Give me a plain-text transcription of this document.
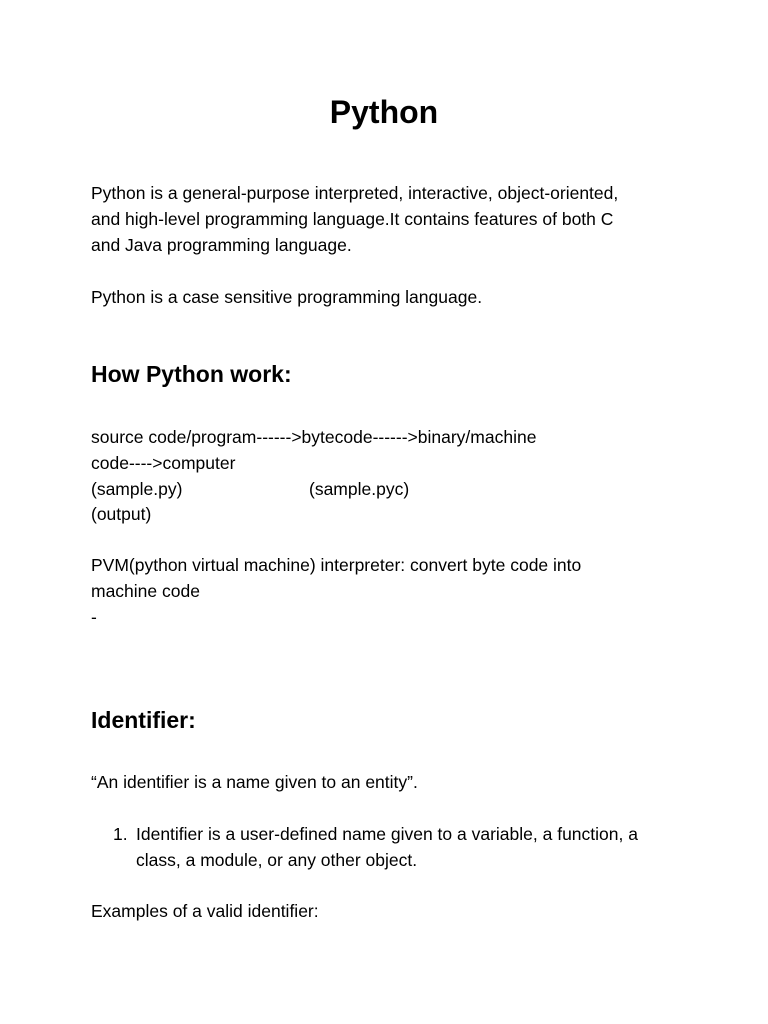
Python

Python is a general-purpose interpreted, interactive, object-oriented,

and high-level programming language.It contains features of both C

and Java programming language.

Python is a case sensitive programming language.

How Python work:

source code/program------>bytecode------>binary/machine

code---->computer

(sample.py)	(sample.pyc)

(output)

PVM(python virtual machine) interpreter: convert byte code into

machine code

-

Identifier:

“An identifier is a name given to an entity”.

1. Identifier is a user-defined name given to a variable, a function, a

class, a module, or any other object.

Examples of a valid identifier:
